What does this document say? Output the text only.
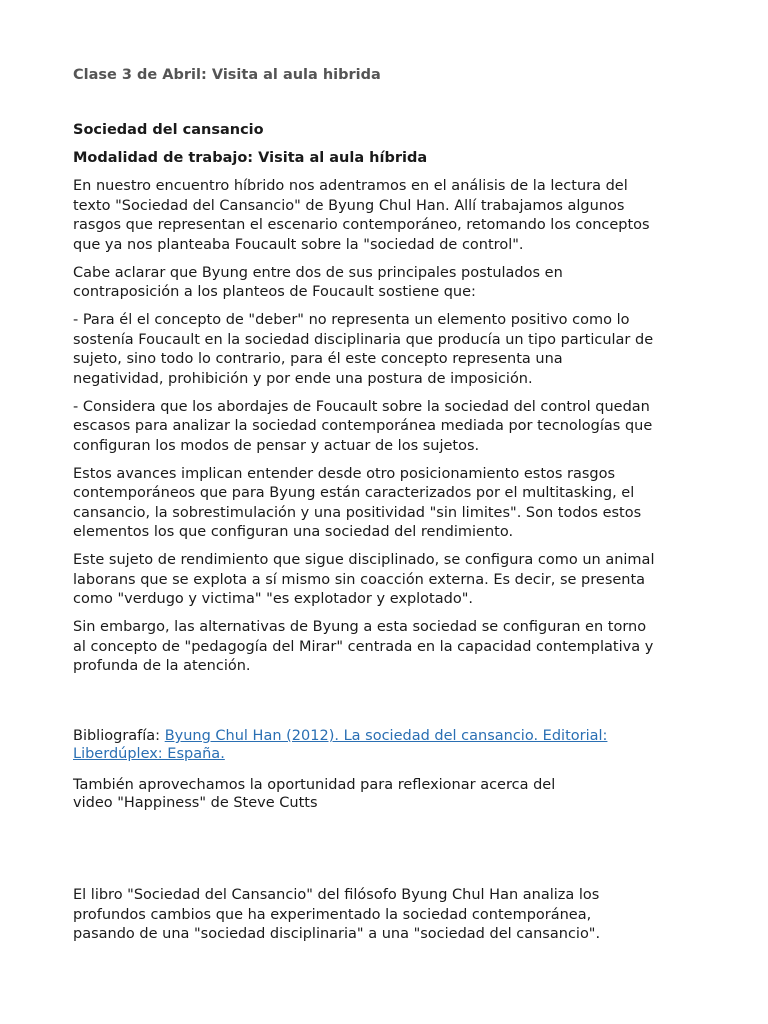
Clase 3 de Abril: Visita al aula hibrida
Sociedad del cansancio
Modalidad de trabajo: Visita al aula híbrida
En nuestro encuentro híbrido nos adentramos en el análisis de la lectura del
texto "Sociedad del Cansancio" de Byung Chul Han. Allí trabajamos algunos
rasgos que representan el escenario contemporáneo, retomando los conceptos
que ya nos planteaba Foucault sobre la "sociedad de control".
Cabe aclarar que Byung entre dos de sus principales postulados en
contraposición a los planteos de Foucault sostiene que:
- Para él el concepto de "deber" no representa un elemento positivo como lo
sostenía Foucault en la sociedad disciplinaria que producía un tipo particular de
sujeto, sino todo lo contrario, para él este concepto representa una
negatividad, prohibición y por ende una postura de imposición.
- Considera que los abordajes de Foucault sobre la sociedad del control quedan
escasos para analizar la sociedad contemporánea mediada por tecnologías que
configuran los modos de pensar y actuar de los sujetos.
Estos avances implican entender desde otro posicionamiento estos rasgos
contemporáneos que para Byung están caracterizados por el multitasking, el
cansancio, la sobrestimulación y una positividad "sin limites". Son todos estos
elementos los que configuran una sociedad del rendimiento.
Este sujeto de rendimiento que sigue disciplinado, se configura como un animal
laborans que se explota a sí mismo sin coacción externa. Es decir, se presenta
como "verdugo y victima" "es explotador y explotado".
Sin embargo, las alternativas de Byung a esta sociedad se configuran en torno
al concepto de "pedagogía del Mirar" centrada en la capacidad contemplativa y
profunda de la atención.
Bibliografía: Byung Chul Han (2012). La sociedad del cansancio. Editorial:
Liberdúplex: España.
También aprovechamos la oportunidad para reflexionar acerca del
video "Happiness" de Steve Cutts
El libro "Sociedad del Cansancio" del filósofo Byung Chul Han analiza los
profundos cambios que ha experimentado la sociedad contemporánea,
pasando de una "sociedad disciplinaria" a una "sociedad del cansancio".
